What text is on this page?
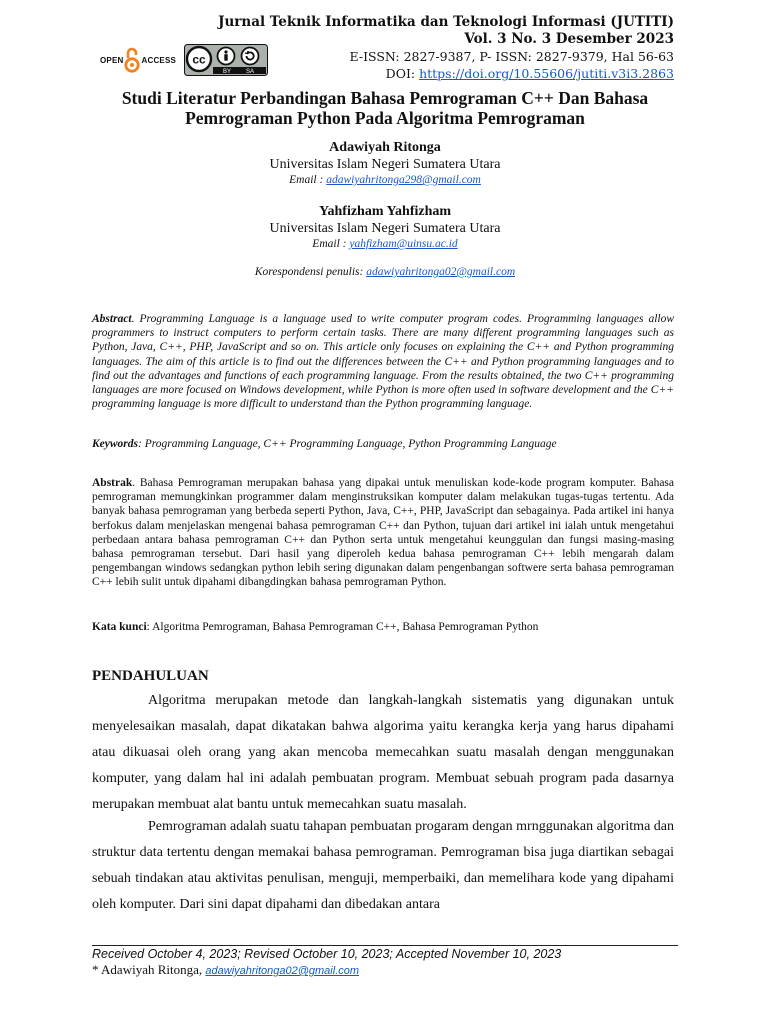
OPEN ACCESS cc
BY SA
Jurnal Teknik Informatika dan Teknologi Informasi (JUTITI)
Vol. 3 No. 3 Desember 2023
E-ISSN: 2827-9387, P- ISSN: 2827-9379, Hal 56-63
DOI: https://doi.org/10.55606/jutiti.v3i3.2863
Studi Literatur Perbandingan Bahasa Pemrograman C++ Dan Bahasa
Pemrograman Python Pada Algoritma Pemrograman
Adawiyah Ritonga
Universitas Islam Negeri Sumatera Utara
Email : adawiyahritonga298@gmail.com
Yahfizham Yahfizham
Universitas Islam Negeri Sumatera Utara
Email : yahfizham@uinsu.ac.id
Korespondensi penulis: adawiyahritonga02@gmail.com
Abstract. Programming Language is a language used to write computer program codes. Programming languages allow programmers to instruct computers to perform certain tasks. There are many different programming languages such as Python, Java, C++, PHP, JavaScript and so on. This article only focuses on explaining the C++ and Python programming languages. The aim of this article is to find out the differences between the C++ and Python programming languages and to find out the advantages and functions of each programming language. From the results obtained, the two C++ programming languages are more focused on Windows development, while Python is more often used in software development and the C++ programming language is more difficult to understand than the Python programming language.
Keywords: Programming Language, C++ Programming Language, Python Programming Language
Abstrak. Bahasa Pemrograman merupakan bahasa yang dipakai untuk menuliskan kode-kode program komputer. Bahasa pemrograman memungkinkan programmer dalam menginstruksikan komputer dalam melakukan tugas-tugas tertentu. Ada banyak bahasa pemrograman yang berbeda seperti Python, Java, C++, PHP, JavaScript dan sebagainya. Pada artikel ini hanya berfokus dalam menjelaskan mengenai bahasa pemrograman C++ dan Python, tujuan dari artikel ini ialah untuk mengetahui perbedaan antara bahasa pemrograman C++ dan Python serta untuk mengetahui keunggulan dan fungsi masing-masing bahasa pemrograman tersebut. Dari hasil yang diperoleh kedua bahasa pemrograman C++ lebih mengarah dalam pengembangan windows sedangkan python lebih sering digunakan dalam pengenbangan softwere serta bahasa pemrograman C++ lebih sulit untuk dipahami dibangdingkan bahasa pemrograman Python.
Kata kunci: Algoritma Pemrograman, Bahasa Pemrograman C++, Bahasa Pemrograman Python
PENDAHULUAN
Algoritma merupakan metode dan langkah-langkah sistematis yang digunakan untuk menyelesaikan masalah, dapat dikatakan bahwa algorima yaitu kerangka kerja yang harus dipahami atau dikuasai oleh orang yang akan mencoba memecahkan suatu masalah dengan menggunakan komputer, yang dalam hal ini adalah pembuatan program. Membuat sebuah program pada dasarnya merupakan membuat alat bantu untuk memecahkan suatu masalah.
Pemrograman adalah suatu tahapan pembuatan progaram dengan mrnggunakan algoritma dan struktur data tertentu dengan memakai bahasa pemrograman. Pemrograman bisa juga diartikan sebagai sebuah tindakan atau aktivitas penulisan, menguji, memperbaiki, dan memelihara kode yang dipahami oleh komputer. Dari sini dapat dipahami dan dibedakan antara
Received October 4, 2023; Revised October 10, 2023; Accepted November 10, 2023
* Adawiyah Ritonga, adawiyahritonga02@gmail.com
